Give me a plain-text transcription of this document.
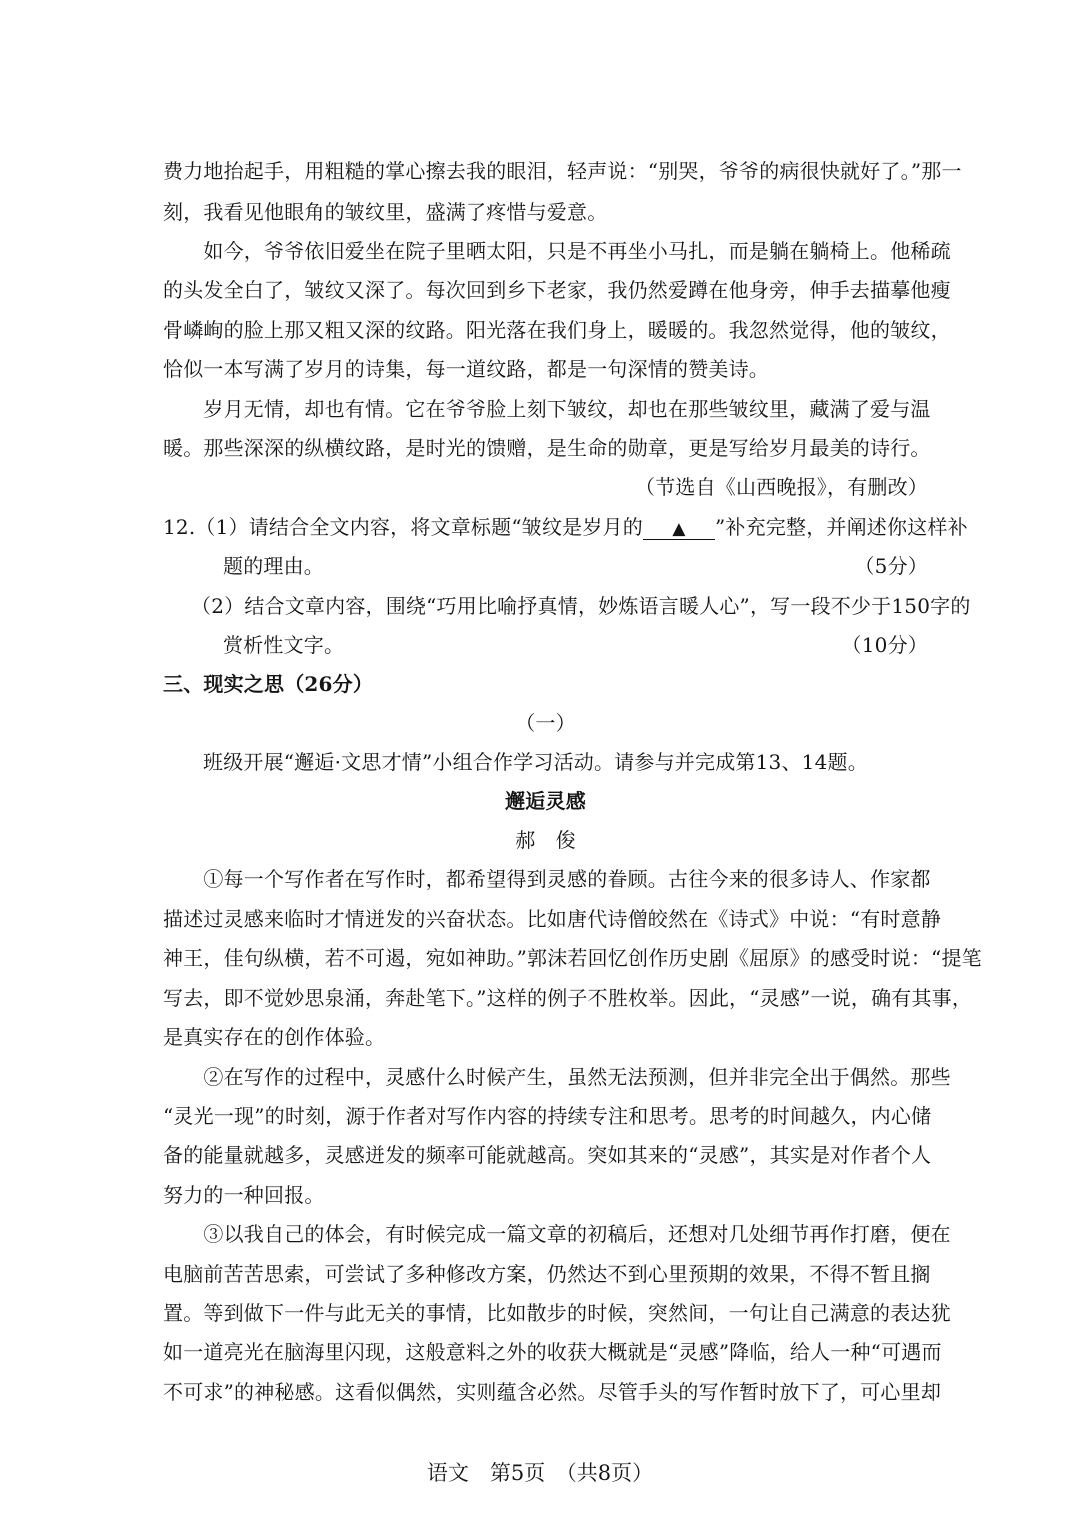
费力地抬起手，用粗糙的掌心擦去我的眼泪，轻声说：“别哭，爷爷的病很快就好了。”那一
刻，我看见他眼角的皱纹里，盛满了疼惜与爱意。
　　如今，爷爷依旧爱坐在院子里晒太阳，只是不再坐小马扎，而是躺在躺椅上。他稀疏
的头发全白了，皱纹又深了。每次回到乡下老家，我仍然爱蹲在他身旁，伸手去描摹他瘦
骨嶙峋的脸上那又粗又深的纹路。阳光落在我们身上，暖暖的。我忽然觉得，他的皱纹，
恰似一本写满了岁月的诗集，每一道纹路，都是一句深情的赞美诗。
　　岁月无情，却也有情。它在爷爷脸上刻下皱纹，却也在那些皱纹里，藏满了爱与温
暖。那些深深的纵横纹路，是时光的馈赠，是生命的勋章，更是写给岁月最美的诗行。
（节选自《山西晚报》，有删改）
12.（1）请结合全文内容，将文章标题“皱纹是岁月的 ▲ ”补充完整，并阐述你这样补
题的理由。	（5分）
（2）结合文章内容，围绕“巧用比喻抒真情，妙炼语言暖人心”，写一段不少于150字的
赏析性文字。	（10分）
三、现实之思（26分）
（一）
班级开展“邂逅·文思才情”小组合作学习活动。请参与并完成第13、14题。
邂逅灵感
郝　俊
　　①每一个写作者在写作时，都希望得到灵感的眷顾。古往今来的很多诗人、作家都
描述过灵感来临时才情迸发的兴奋状态。比如唐代诗僧皎然在《诗式》中说：“有时意静
神王，佳句纵横，若不可遏，宛如神助。”郭沫若回忆创作历史剧《屈原》的感受时说：“提笔
写去，即不觉妙思泉涌，奔赴笔下。”这样的例子不胜枚举。因此，“灵感”一说，确有其事，
是真实存在的创作体验。
　　②在写作的过程中，灵感什么时候产生，虽然无法预测，但并非完全出于偶然。那些
“灵光一现”的时刻，源于作者对写作内容的持续专注和思考。思考的时间越久，内心储
备的能量就越多，灵感迸发的频率可能就越高。突如其来的“灵感”，其实是对作者个人
努力的一种回报。
　　③以我自己的体会，有时候完成一篇文章的初稿后，还想对几处细节再作打磨，便在
电脑前苦苦思索，可尝试了多种修改方案，仍然达不到心里预期的效果，不得不暂且搁
置。等到做下一件与此无关的事情，比如散步的时候，突然间，一句让自己满意的表达犹
如一道亮光在脑海里闪现，这般意料之外的收获大概就是“灵感”降临，给人一种“可遇而
不可求”的神秘感。这看似偶然，实则蕴含必然。尽管手头的写作暂时放下了，可心里却
语文　第5页　（共8页）
